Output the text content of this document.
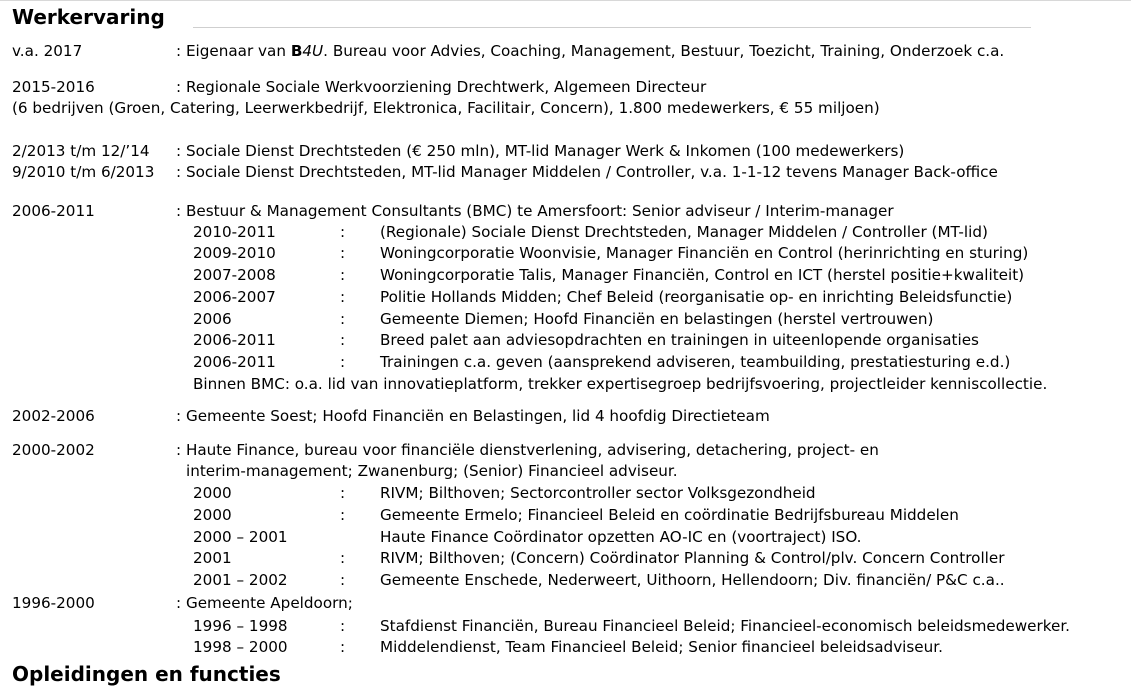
Werkervaring
v.a. 2017	: Eigenaar van B4U. Bureau voor Advies, Coaching, Management, Bestuur, Toezicht, Training, Onderzoek c.a.
2015-2016	: Regionale Sociale Werkvoorziening Drechtwerk, Algemeen Directeur
(6 bedrijven (Groen, Catering, Leerwerkbedrijf, Elektronica, Facilitair, Concern), 1.800 medewerkers, € 55 miljoen)
2/2013 t/m 12/’14 : Sociale Dienst Drechtsteden (€ 250 mln), MT-lid Manager Werk & Inkomen (100 medewerkers)
9/2010 t/m 6/2013 : Sociale Dienst Drechtsteden, MT-lid Manager Middelen / Controller, v.a. 1-1-12 tevens Manager Back-office
2006-2011	: Bestuur & Management Consultants (BMC) te Amersfoort: Senior adviseur / Interim-manager
2010-2011	: (Regionale) Sociale Dienst Drechtsteden, Manager Middelen / Controller (MT-lid)
2009-2010	: Woningcorporatie Woonvisie, Manager Financiën en Control (herinrichting en sturing)
2007-2008	: Woningcorporatie Talis, Manager Financiën, Control en ICT (herstel positie+kwaliteit)
2006-2007	: Politie Hollands Midden; Chef Beleid (reorganisatie op- en inrichting Beleidsfunctie)
2006	: Gemeente Diemen; Hoofd Financiën en belastingen (herstel vertrouwen)
2006-2011	: Breed palet aan adviesopdrachten en trainingen in uiteenlopende organisaties
2006-2011	: Trainingen c.a. geven (aansprekend adviseren, teambuilding, prestatiesturing e.d.)
Binnen BMC: o.a. lid van innovatieplatform, trekker expertisegroep bedrijfsvoering, projectleider kenniscollectie.
2002-2006	: Gemeente Soest; Hoofd Financiën en Belastingen, lid 4 hoofdig Directieteam
2000-2002	: Haute Finance, bureau voor financiële dienstverlening, advisering, detachering, project- en
interim-management; Zwanenburg; (Senior) Financieel adviseur.
2000	: RIVM; Bilthoven; Sectorcontroller sector Volksgezondheid
2000	: Gemeente Ermelo; Financieel Beleid en coördinatie Bedrijfsbureau Middelen
2000 – 2001	Haute Finance Coördinator opzetten AO-IC en (voortraject) ISO.
2001	: RIVM; Bilthoven; (Concern) Coördinator Planning & Control/plv. Concern Controller
2001 – 2002	: Gemeente Enschede, Nederweert, Uithoorn, Hellendoorn; Div. financiën/ P&C c.a..
1996-2000	: Gemeente Apeldoorn;
1996 – 1998	: Stafdienst Financiën, Bureau Financieel Beleid; Financieel-economisch beleidsmedewerker.
1998 – 2000	: Middelendienst, Team Financieel Beleid; Senior financieel beleidsadviseur.
Opleidingen en functies
